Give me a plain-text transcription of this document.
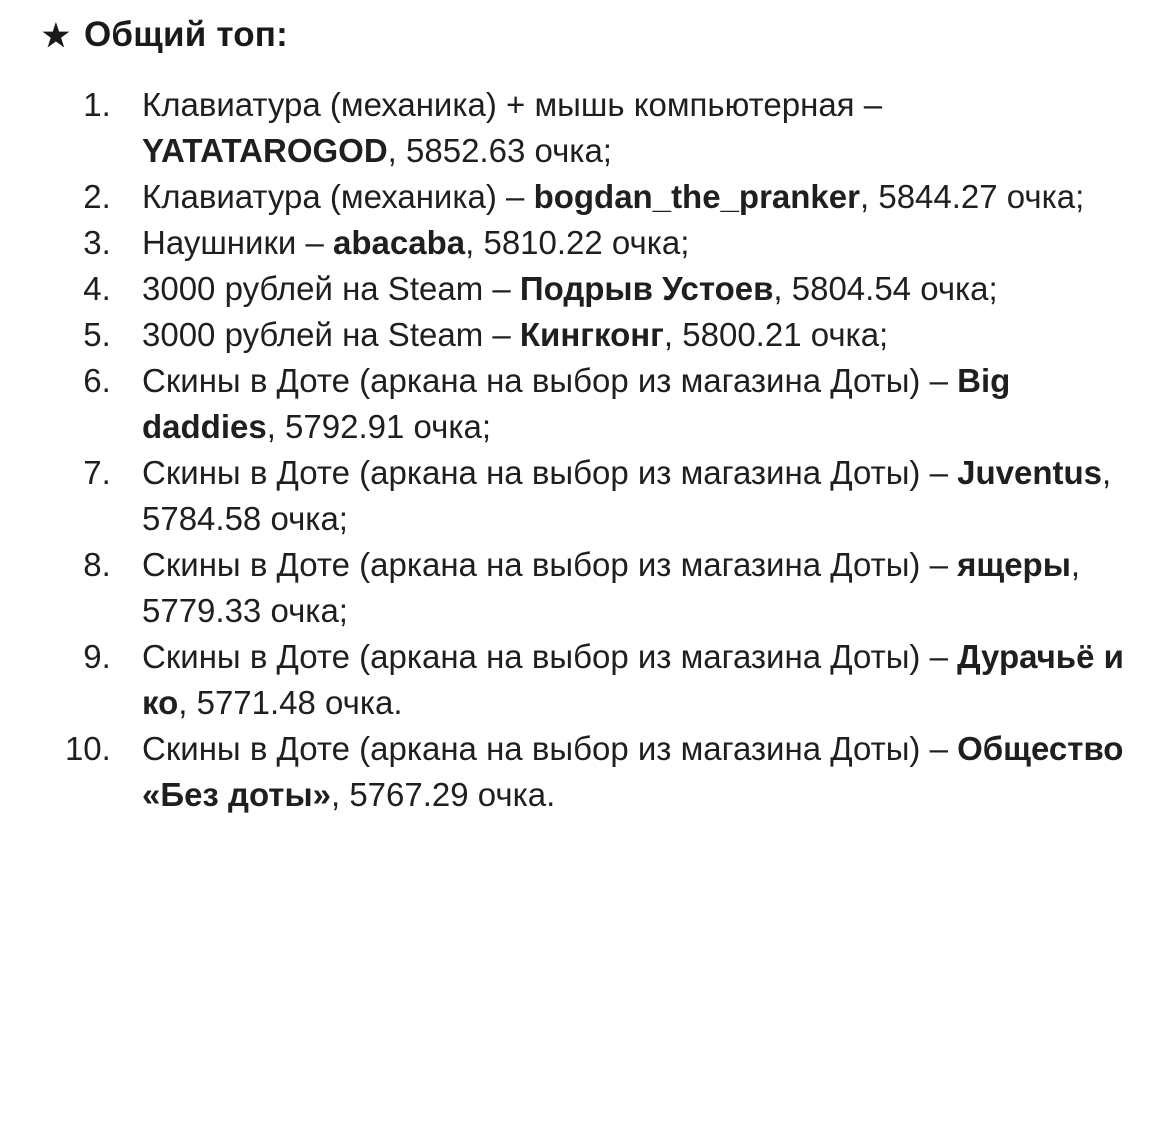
★ Общий топ:
1. Клавиатура (механика) + мышь компьютерная – YATATAROGOD, 5852.63 очка;
2. Клавиатура (механика) – bogdan_the_pranker, 5844.27 очка;
3. Наушники – abacaba, 5810.22 очка;
4. 3000 рублей на Steam – Подрыв Устоев, 5804.54 очка;
5. 3000 рублей на Steam – Кингконг, 5800.21 очка;
6. Скины в Доте (аркана на выбор из магазина Доты) – Big daddies, 5792.91 очка;
7. Скины в Доте (аркана на выбор из магазина Доты) – Juventus, 5784.58 очка;
8. Скины в Доте (аркана на выбор из магазина Доты) – ящеры, 5779.33 очка;
9. Скины в Доте (аркана на выбор из магазина Доты) – Дурачьё и ко, 5771.48 очка.
10. Скины в Доте (аркана на выбор из магазина Доты) – Общество «Без доты», 5767.29 очка.
